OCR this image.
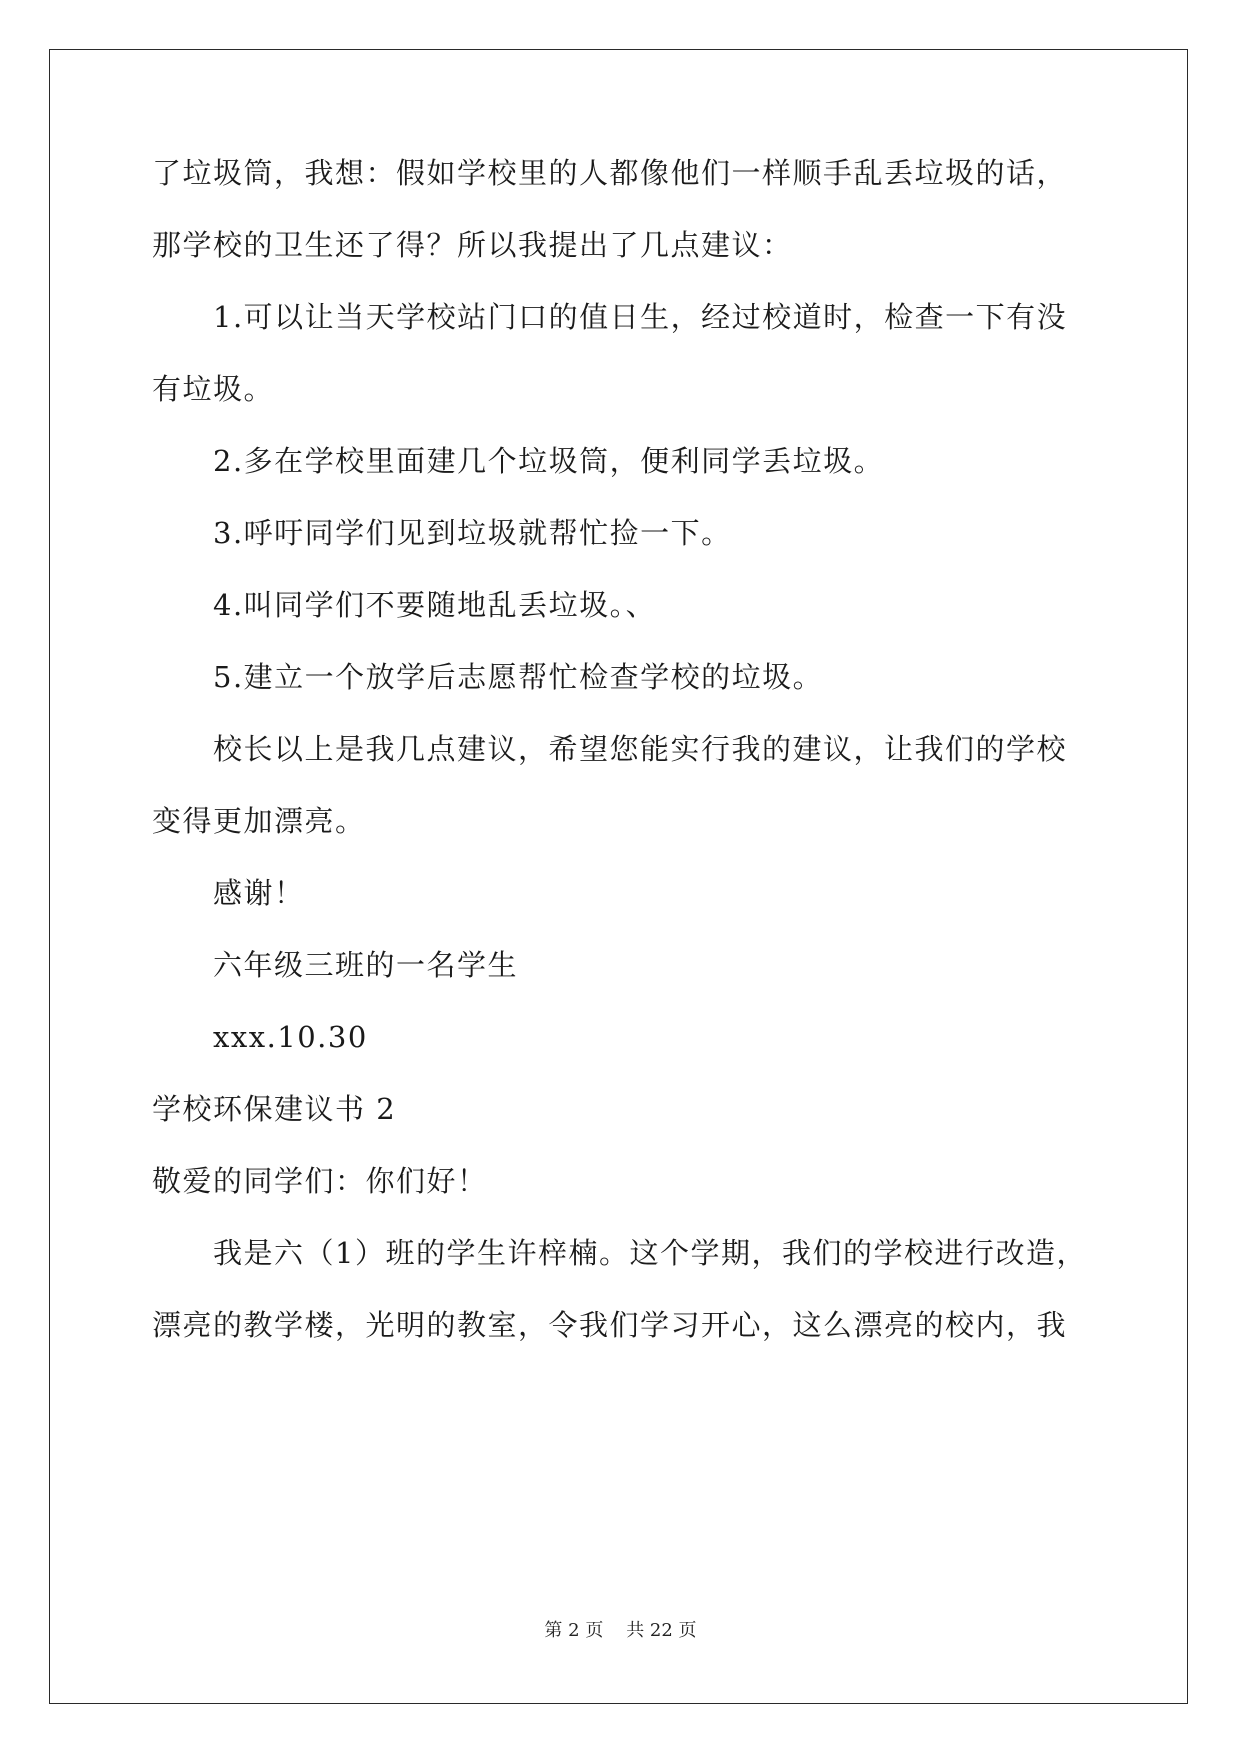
了垃圾筒，我想：假如学校里的人都像他们一样顺手乱丢垃圾的话，
那学校的卫生还了得？所以我提出了几点建议：
1.可以让当天学校站门口的值日生，经过校道时，检查一下有没
有垃圾。
2.多在学校里面建几个垃圾筒，便利同学丢垃圾。
3.呼吁同学们见到垃圾就帮忙捡一下。
4.叫同学们不要随地乱丢垃圾。、
5.建立一个放学后志愿帮忙检查学校的垃圾。
校长以上是我几点建议，希望您能实行我的建议，让我们的学校
变得更加漂亮。
感谢！
六年级三班的一名学生
xxx.10.30
学校环保建议书 2
敬爱的同学们：你们好！
我是六（1）班的学生许梓楠。这个学期，我们的学校进行改造，
漂亮的教学楼，光明的教室，令我们学习开心，这么漂亮的校内，我
第 2 页    共 22 页
